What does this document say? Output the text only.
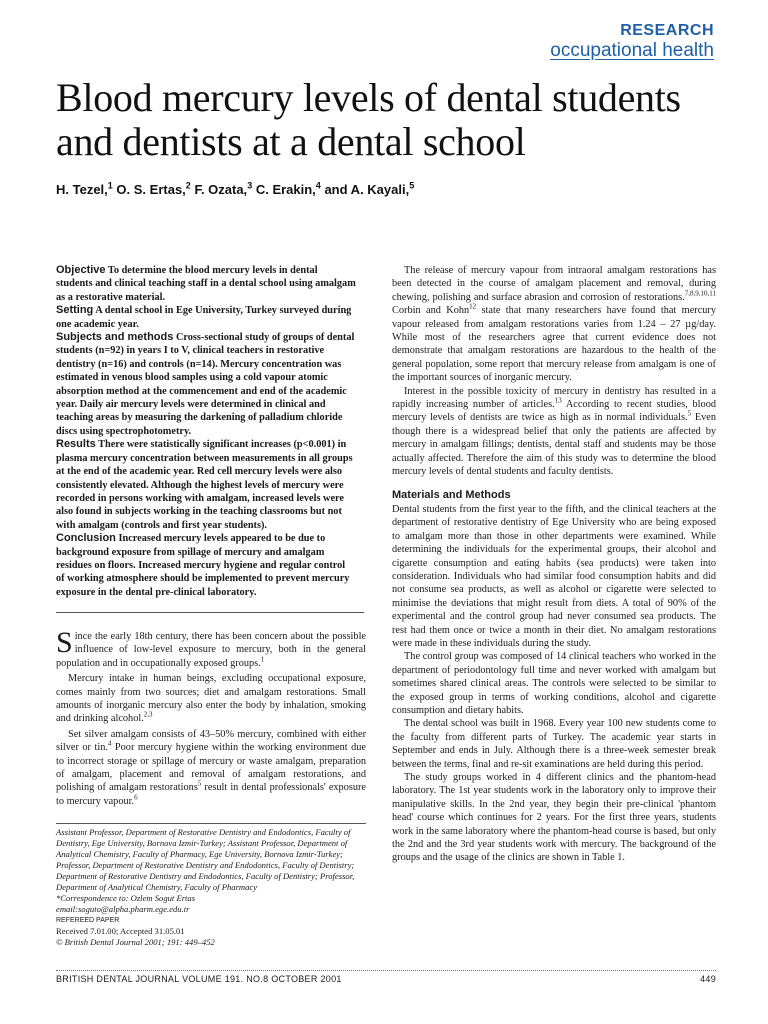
RESEARCH
occupational health
Blood mercury levels of dental students and dentists at a dental school
H. Tezel,$^1$ O. S. Ertas,$^2$ F. Ozata,$^3$ C. Erakin,$^4$ and A. Kayali,$^5$

Objective To determine the blood mercury levels in dental students and clinical teaching staff in a dental school using amalgam as a restorative material.

Setting A dental school in Ege University, Turkey surveyed during one academic year.

Subjects and methods Cross-sectional study of groups of dental students (n=92) in years I to V, clinical teachers in restorative dentistry (n=16) and controls (n=14). Mercury concentration was estimated in venous blood samples using a cold vapour atomic absorption method at the commencement and end of the academic year. Daily air mercury levels were determined in clinical and teaching areas by measuring the darkening of palladium chloride discs using spectrophotometry.

Results There were statistically significant increases (p<0.001) in plasma mercury concentration between measurements in all groups at the end of the academic year. Red cell mercury levels were also consistently elevated. Although the highest levels of mercury were recorded in persons working with amalgam, increased levels were also found in subjects working in the teaching classrooms but not with amalgam (controls and first year students).

Conclusion Increased mercury levels appeared to be due to background exposure from spillage of mercury and amalgam residues on floors. Increased mercury hygiene and regular control of working atmosphere should be implemented to prevent mercury exposure in the dental pre-clinical laboratory.

Since the early 18th century, there has been concern about the possible influence of low-level exposure to mercury, both in the general population and in occupationally exposed groups.$^1$

Mercury intake in human beings, excluding occupational exposure, comes mainly from two sources; diet and amalgam restorations. Small amounts of inorganic mercury also enter the body by inhalation, smoking and drinking alcohol.$^{2,3}$

Set silver amalgam consists of 43–50% mercury, combined with either silver or tin.$^4$ Poor mercury hygiene within the working environment due to incorrect storage or spillage of mercury or waste amalgam, preparation of amalgam, placement and removal of amalgam restorations, and polishing of amalgam restorations$^5$ result in dental professionals' exposure to mercury vapour.$^6$

Assistant Professor, Department of Restorative Dentistry and Endodontics, Faculty of Dentistry, Ege University, Bornova Izmir-Turkey; Assistant Professor, Department of Analytical Chemistry, Faculty of Pharmacy, Ege University, Bornova Izmir-Turkey; Professor, Department of Restorative Dentistry and Endodontics, Faculty of Dentistry; Department of Restorative Dentistry and Endodontics, Faculty of Dentistry; Professor, Department of Analytical Chemistry, Faculty of Pharmacy

*Correspondence to: Ozlem Sogut Ertas

email:soguto@alpha.pharm.ege.edu.tr

REFEREED PAPER

Received 7.01.00; Accepted 31.05.01

© British Dental Journal 2001; 191: 449–452

The release of mercury vapour from intraoral amalgam restorations has been detected in the course of amalgam placement and removal, during chewing, polishing and surface abrasion and corrosion of restorations.$^{7,8,9,10,11}$ Corbin and Kohn$^{12}$ state that many researchers have found that mercury vapour released from amalgam restorations varies from 1.24 – 27 µg/day. While most of the researchers agree that current evidence does not demonstrate that amalgam restorations are hazardous to the health of the general population, some report that mercury release from amalgam is one of the important sources of inorganic mercury.

Interest in the possible toxicity of mercury in dentistry has resulted in a rapidly increasing number of articles.$^{13}$ According to recent studies, blood mercury levels of dentists are twice as high as in normal individuals.$^5$ Even though there is a widespread belief that only the patients are affected by mercury in amalgam fillings; dentists, dental staff and students may be those actually affected. Therefore the aim of this study was to determine the blood mercury levels of dental students and faculty dentists.

Materials and Methods

Dental students from the first year to the fifth, and the clinical teachers at the department of restorative dentistry of Ege University who are being exposed to amalgam more than those in other departments were examined. While determining the individuals for the experimental groups, their alcohol and cigarette consumption and eating habits (sea products) were taken into consideration. Individuals who had similar food consumption habits and did not consume sea products, as well as alcohol or cigarette were selected to minimise the deviations that might result from diets. A total of 90% of the experimental and the control group had never consumed sea products. The rest had them once or twice a month in their diet. No amalgam restorations were made in these individuals during the study.

The control group was composed of 14 clinical teachers who worked in the department of periodontology full time and never worked with amalgam but sometimes shared clinical areas. The controls were selected to be similar to the exposed group in terms of working conditions, alcohol and cigarette consumption and dietary habits.

The dental school was built in 1968. Every year 100 new students come to the faculty from different parts of Turkey. The academic year starts in September and ends in July. Although there is a three-week semester break between the terms, final and re-sit examinations are held during this period.

The study groups worked in 4 different clinics and the phantom-head laboratory. The 1st year students work in the laboratory only to improve their manipulative skills. In the 2nd year, they begin their pre-clinical 'phantom head' course which continues for 2 years. For the first three years, students work in the same laboratory where the phantom-head course is based, but only the 2nd and the 3rd year students work with mercury. The background of the groups and the usage of the clinics are shown in Table 1.

BRITISH DENTAL JOURNAL VOLUME 191. NO.8 OCTOBER 2001	449
